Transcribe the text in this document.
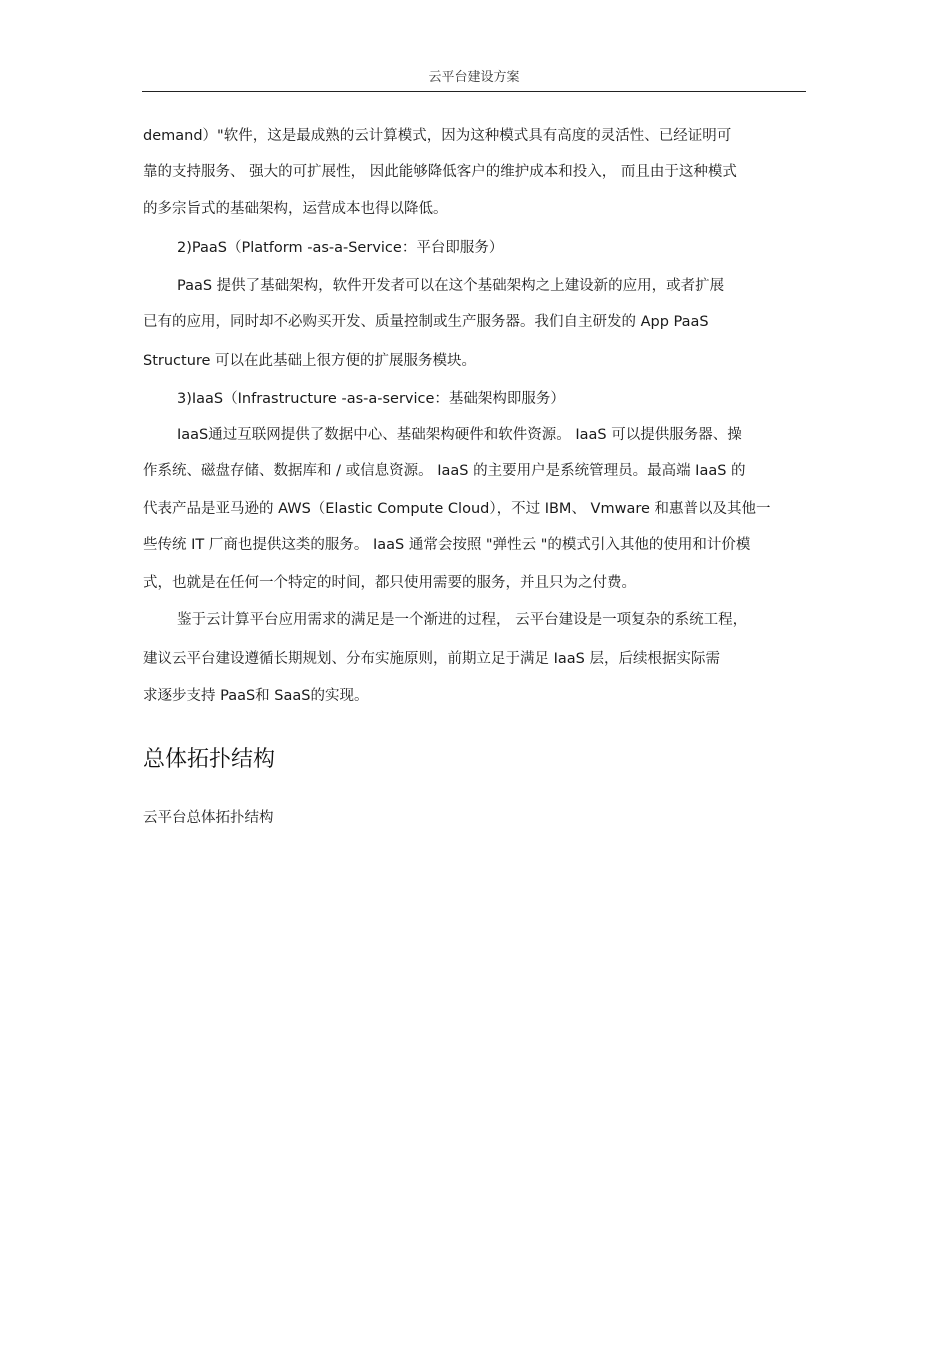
云平台建设方案
demand）"软件，这是最成熟的云计算模式，因为这种模式具有高度的灵活性、已经证明可
靠的支持服务、 强大的可扩展性， 因此能够降低客户的维护成本和投入， 而且由于这种模式
的多宗旨式的基础架构，运营成本也得以降低。
2)PaaS（Platform -as-a-Service：平台即服务）
PaaS 提供了基础架构，软件开发者可以在这个基础架构之上建设新的应用，或者扩展
已有的应用，同时却不必购买开发、质量控制或生产服务器。我们自主研发的 App PaaS
Structure 可以在此基础上很方便的扩展服务模块。
3)IaaS（Infrastructure -as-a-service：基础架构即服务）
IaaS通过互联网提供了数据中心、基础架构硬件和软件资源。 IaaS 可以提供服务器、操
作系统、磁盘存储、数据库和 / 或信息资源。 IaaS 的主要用户是系统管理员。最高端 IaaS 的
代表产品是亚马逊的 AWS（Elastic Compute Cloud），不过 IBM、 Vmware 和惠普以及其他一
些传统 IT 厂商也提供这类的服务。 IaaS 通常会按照 "弹性云 "的模式引入其他的使用和计价模
式，也就是在任何一个特定的时间，都只使用需要的服务，并且只为之付费。
鉴于云计算平台应用需求的满足是一个渐进的过程， 云平台建设是一项复杂的系统工程，
建议云平台建设遵循长期规划、分布实施原则，前期立足于满足 IaaS 层，后续根据实际需
求逐步支持 PaaS和 SaaS的实现。
总体拓扑结构
云平台总体拓扑结构
